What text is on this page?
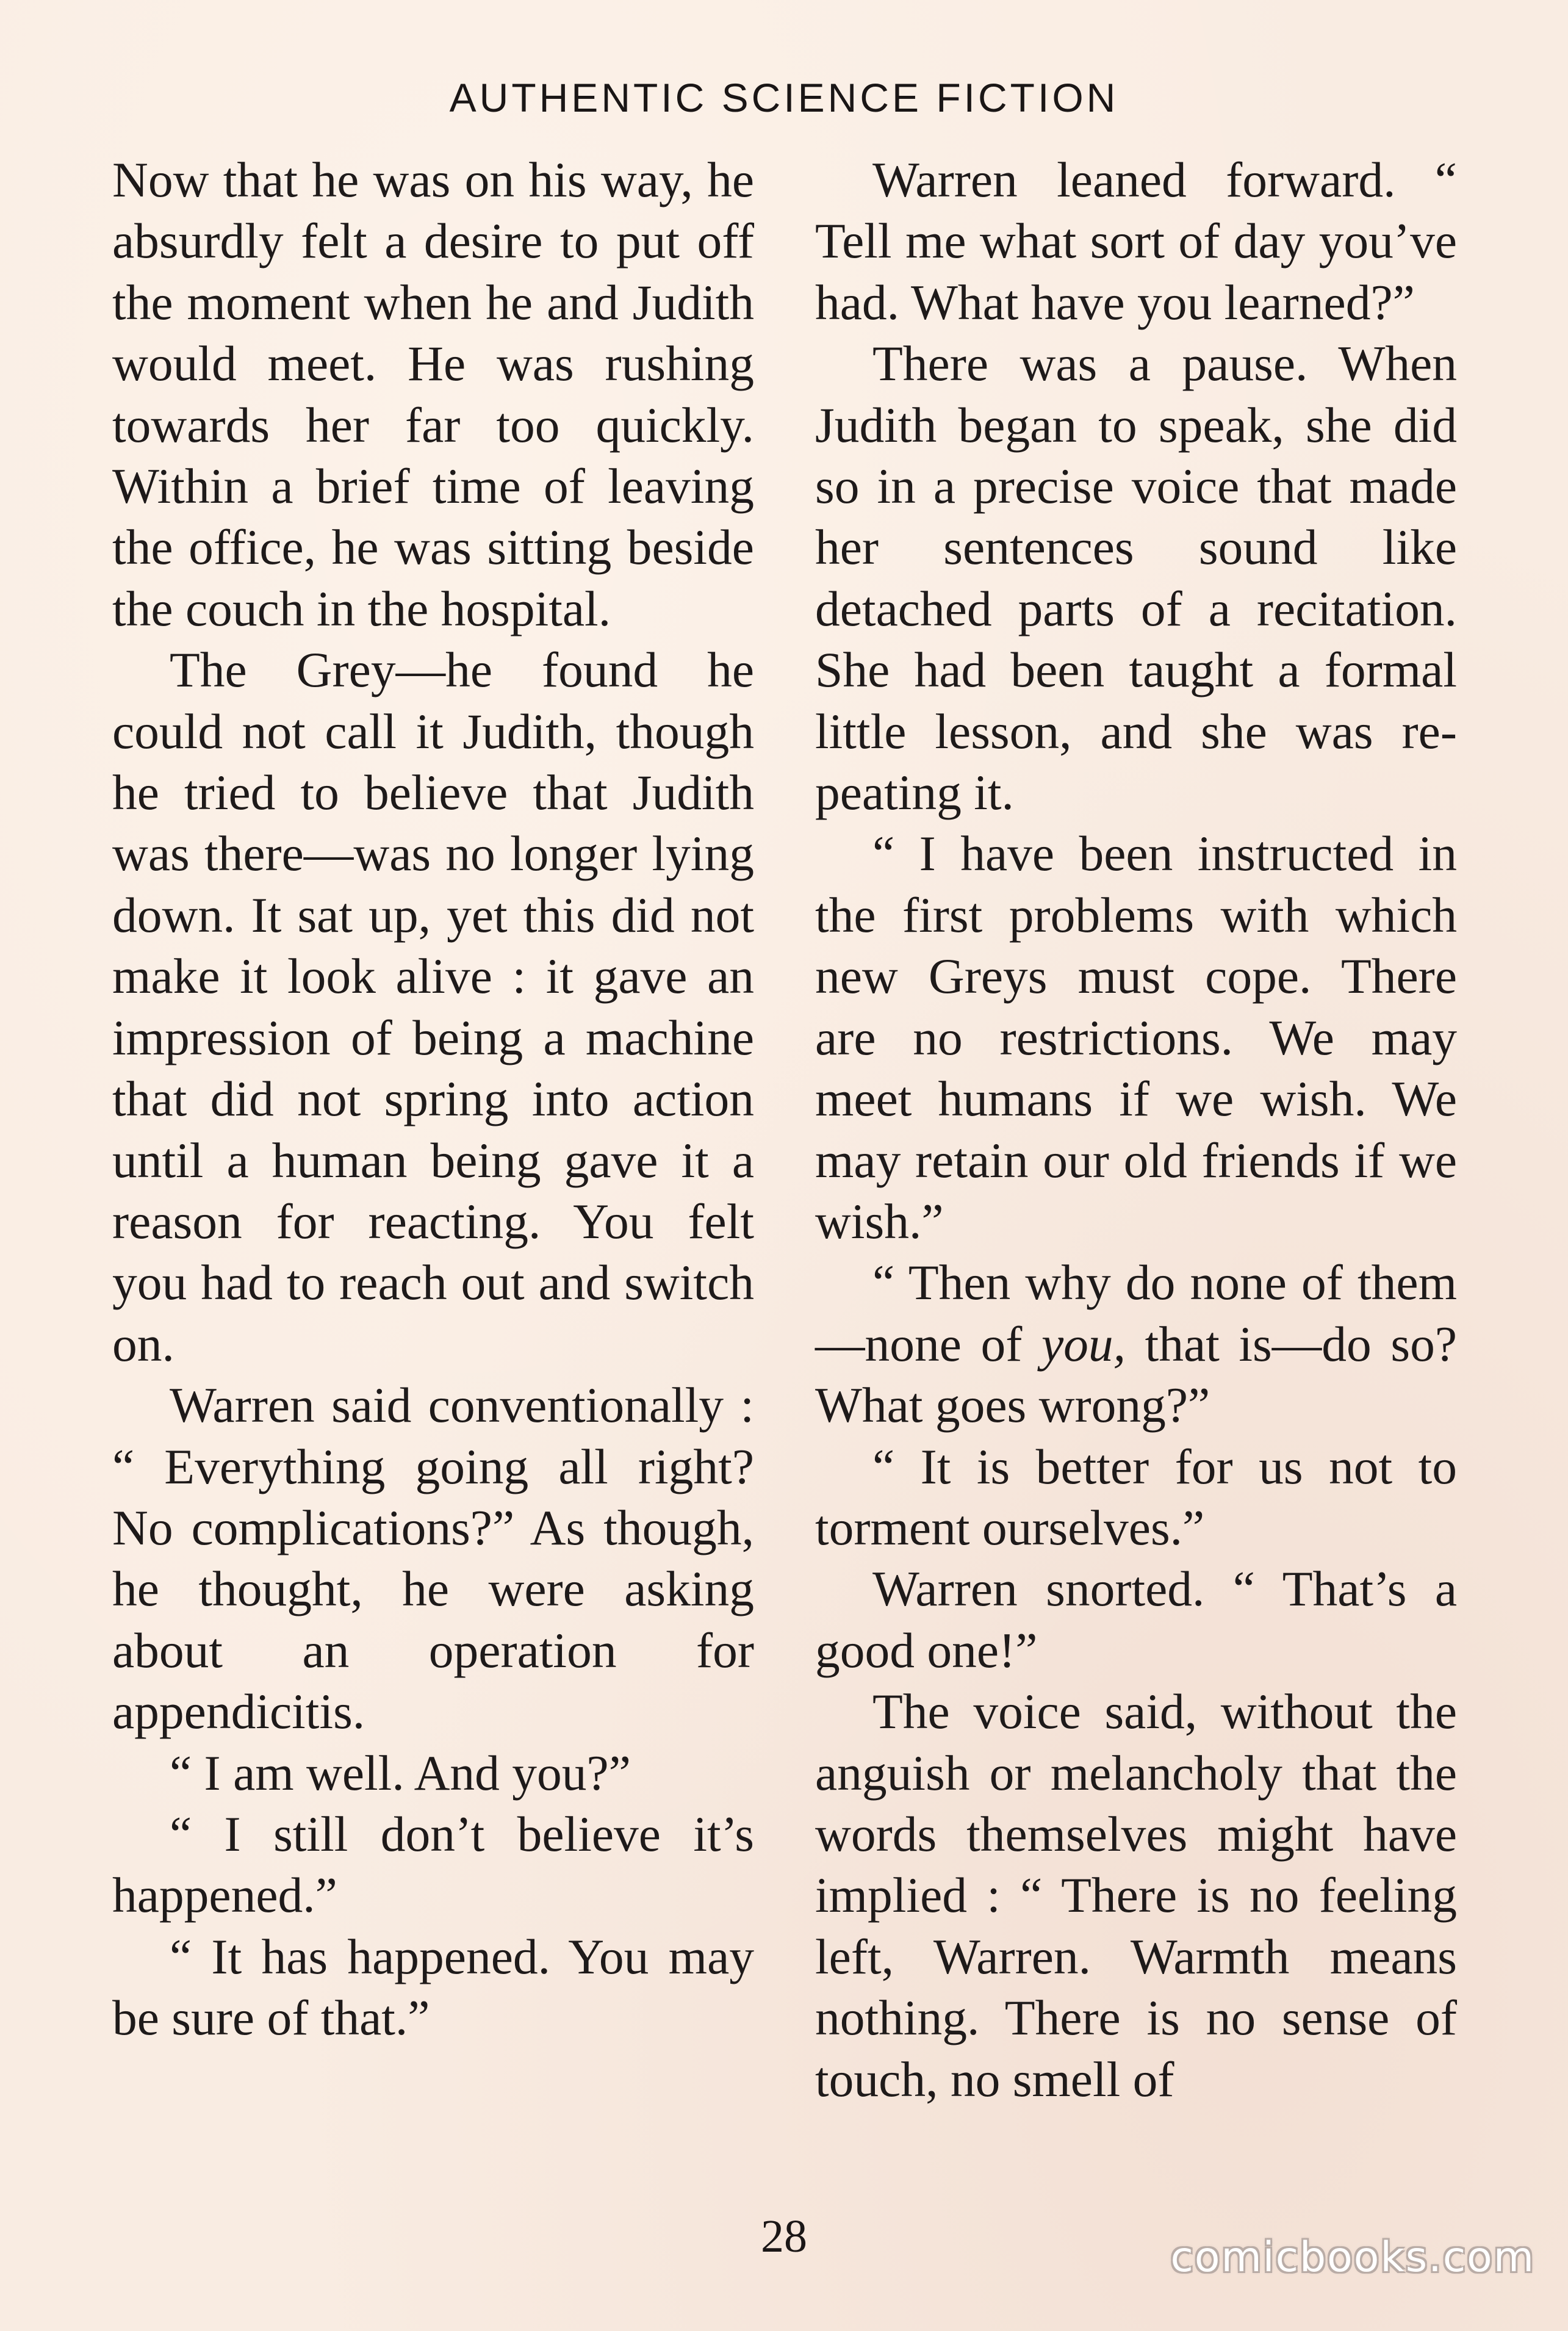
AUTHENTIC SCIENCE FICTION

Now that he was on his way, he absurdly felt a desire to put off the moment when he and Judith would meet. He was rushing towards her far too quickly. Within a brief time of leaving the office, he was sitting beside the couch in the hospital.

The Grey—he found he could not call it Judith, though he tried to believe that Judith was there—was no longer lying down. It sat up, yet this did not make it look alive : it gave an impression of being a machine that did not spring into action until a human being gave it a reason for reacting. You felt you had to reach out and switch on.

Warren said conventionally : “ Everything going all right? No complications?” As though, he thought, he were asking about an operation for appendicitis.

“ I am well. And you?”

“ I still don’t believe it’s happened.”

“ It has happened. You may be sure of that.”

Warren leaned forward. “ Tell me what sort of day you’ve had. What have you learned?”

There was a pause. When Judith began to speak, she did so in a precise voice that made her sentences sound like detached parts of a recitation. She had been taught a formal little lesson, and she was repeating it.

“ I have been instructed in the first problems with which new Greys must cope. There are no restrictions. We may meet humans if we wish. We may retain our old friends if we wish.”

“ Then why do none of them—none of you, that is—do so? What goes wrong?”

“ It is better for us not to torment ourselves.”

Warren snorted. “ That’s a good one!”

The voice said, without the anguish or melancholy that the words themselves might have implied : “ There is no feeling left, Warren. Warmth means nothing. There is no sense of touch, no smell of

28	comicbooks.com
